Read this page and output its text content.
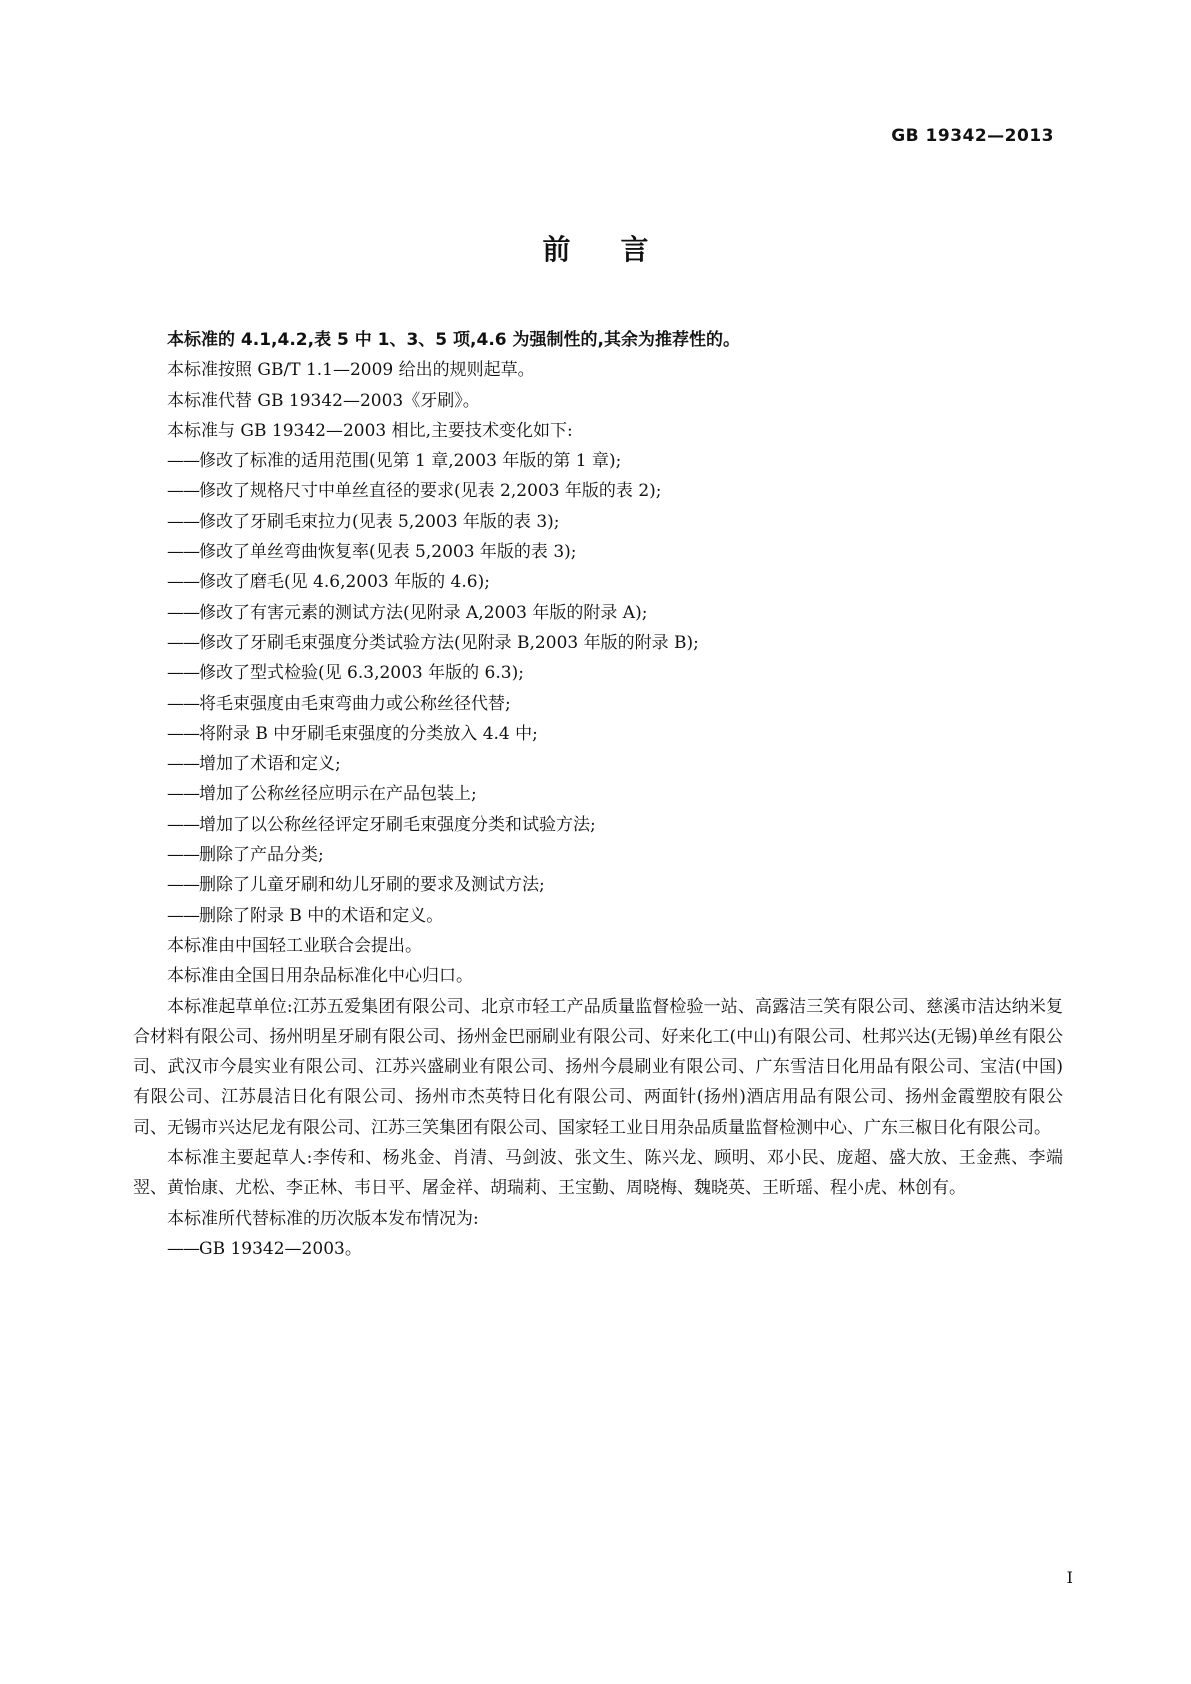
GB 19342—2013
前言

本标准的 4.1,4.2,表 5 中 1、3、5 项,4.6 为强制性的,其余为推荐性的。

本标准按照 GB/T 1.1—2009 给出的规则起草。

本标准代替 GB 19342—2003《牙刷》。

本标准与 GB 19342—2003 相比,主要技术变化如下:

——修改了标准的适用范围(见第 1 章,2003 年版的第 1 章);
——修改了规格尺寸中单丝直径的要求(见表 2,2003 年版的表 2);
——修改了牙刷毛束拉力(见表 5,2003 年版的表 3);
——修改了单丝弯曲恢复率(见表 5,2003 年版的表 3);
——修改了磨毛(见 4.6,2003 年版的 4.6);
——修改了有害元素的测试方法(见附录 A,2003 年版的附录 A);
——修改了牙刷毛束强度分类试验方法(见附录 B,2003 年版的附录 B);
——修改了型式检验(见 6.3,2003 年版的 6.3);
——将毛束强度由毛束弯曲力或公称丝径代替;
——将附录 B 中牙刷毛束强度的分类放入 4.4 中;
——增加了术语和定义;
——增加了公称丝径应明示在产品包装上;
——增加了以公称丝径评定牙刷毛束强度分类和试验方法;
——删除了产品分类;
——删除了儿童牙刷和幼儿牙刷的要求及测试方法;
——删除了附录 B 中的术语和定义。

本标准由中国轻工业联合会提出。

本标准由全国日用杂品标准化中心归口。

本标准起草单位:江苏五爱集团有限公司、北京市轻工产品质量监督检验一站、高露洁三笑有限公司、慈溪市洁达纳米复合材料有限公司、扬州明星牙刷有限公司、扬州金巴丽刷业有限公司、好来化工(中山)有限公司、杜邦兴达(无锡)单丝有限公司、武汉市今晨实业有限公司、江苏兴盛刷业有限公司、扬州今晨刷业有限公司、广东雪洁日化用品有限公司、宝洁(中国)有限公司、江苏晨洁日化有限公司、扬州市杰英特日化有限公司、两面针(扬州)酒店用品有限公司、扬州金霞塑胶有限公司、无锡市兴达尼龙有限公司、江苏三笑集团有限公司、国家轻工业日用杂品质量监督检测中心、广东三椒日化有限公司。

本标准主要起草人:李传和、杨兆金、肖清、马剑波、张文生、陈兴龙、顾明、邓小民、庞超、盛大放、王金燕、李端翌、黄怡康、尤松、李正林、韦日平、屠金祥、胡瑞莉、王宝勤、周晓梅、魏晓英、王昕瑶、程小虎、林创有。

本标准所代替标准的历次版本发布情况为:

——GB 19342—2003。
I
